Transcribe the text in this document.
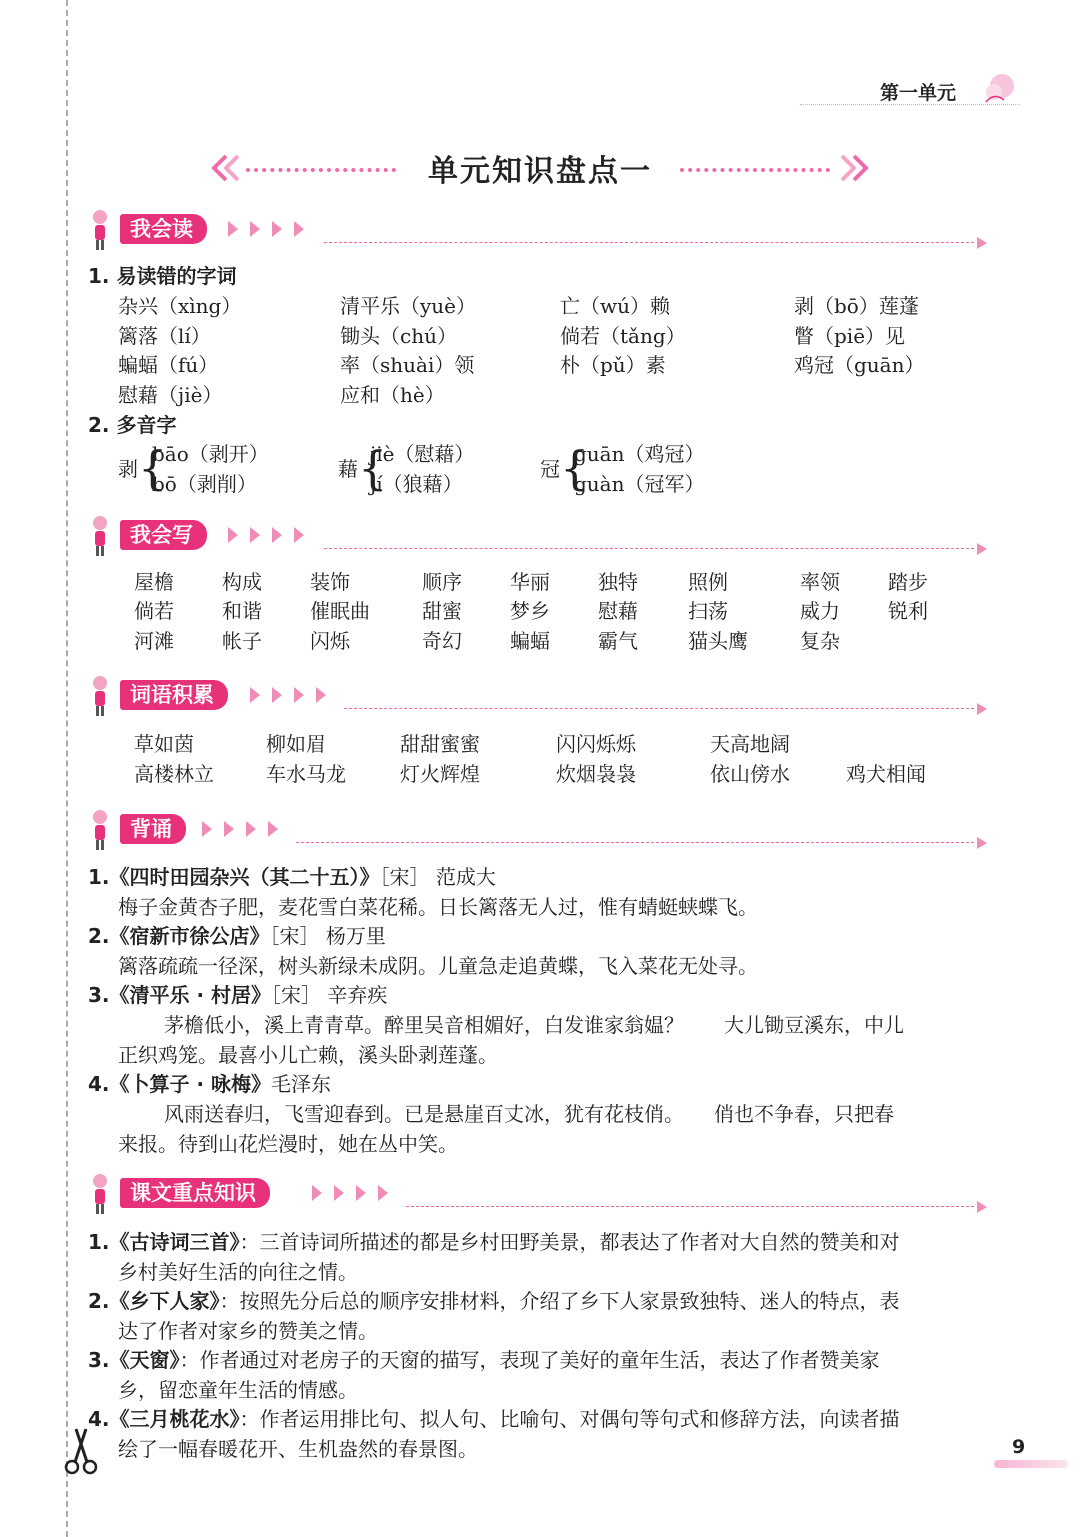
第一单元
单元知识盘点一
我会读
1. 易读错的字词
杂兴（xìng）	清平乐（yuè）	亡（wú）赖	剥（bō）莲蓬
篱落（lí）	锄头（chú）	倘若（tǎng）	瞥（piē）见
蝙蝠（fú）	率（shuài）领	朴（pǔ）素	鸡冠（guān）
慰藉（jiè）	应和（hè）
2. 多音字
剥 {
bāo（剥开）
bō（剥削）
藉 {
jiè（慰藉）
jí（狼藉）
冠 {
guān（鸡冠）
guàn（冠军）
我会写
屋檐 构成 装饰	顺序 华丽 独特	照例	率领 踏步
倘若 和谐 催眠曲	甜蜜 梦乡 慰藉	扫荡	威力 锐利
河滩 帐子 闪烁	奇幻 蝙蝠 霸气	猫头鹰	复杂
词语积累
草如茵	柳如眉	甜甜蜜蜜	闪闪烁烁	天高地阔
高楼林立	车水马龙	灯火辉煌	炊烟袅袅	依山傍水	鸡犬相闻
背诵
1.《四时田园杂兴（其二十五）》［宋］ 范成大
梅子金黄杏子肥，麦花雪白菜花稀。日长篱落无人过，惟有蜻蜓蛱蝶飞。
2.《宿新市徐公店》［宋］ 杨万里
篱落疏疏一径深，树头新绿未成阴。儿童急走追黄蝶，飞入菜花无处寻。
3.《清平乐 · 村居》［宋］ 辛弃疾
茅檐低小，溪上青青草。醉里吴音相媚好，白发谁家翁媪？　　大儿锄豆溪东，中儿
正织鸡笼。最喜小儿亡赖，溪头卧剥莲蓬。
4.《卜算子 · 咏梅》毛泽东
风雨送春归，飞雪迎春到。已是悬崖百丈冰，犹有花枝俏。　　俏也不争春，只把春
来报。待到山花烂漫时，她在丛中笑。
课文重点知识
1.《古诗词三首》：三首诗词所描述的都是乡村田野美景，都表达了作者对大自然的赞美和对
乡村美好生活的向往之情。
2.《乡下人家》：按照先分后总的顺序安排材料，介绍了乡下人家景致独特、迷人的特点，表
达了作者对家乡的赞美之情。
3.《天窗》：作者通过对老房子的天窗的描写，表现了美好的童年生活，表达了作者赞美家
乡，留恋童年生活的情感。
4.《三月桃花水》：作者运用排比句、拟人句、比喻句、对偶句等句式和修辞方法，向读者描
绘了一幅春暖花开、生机盎然的春景图。	9
